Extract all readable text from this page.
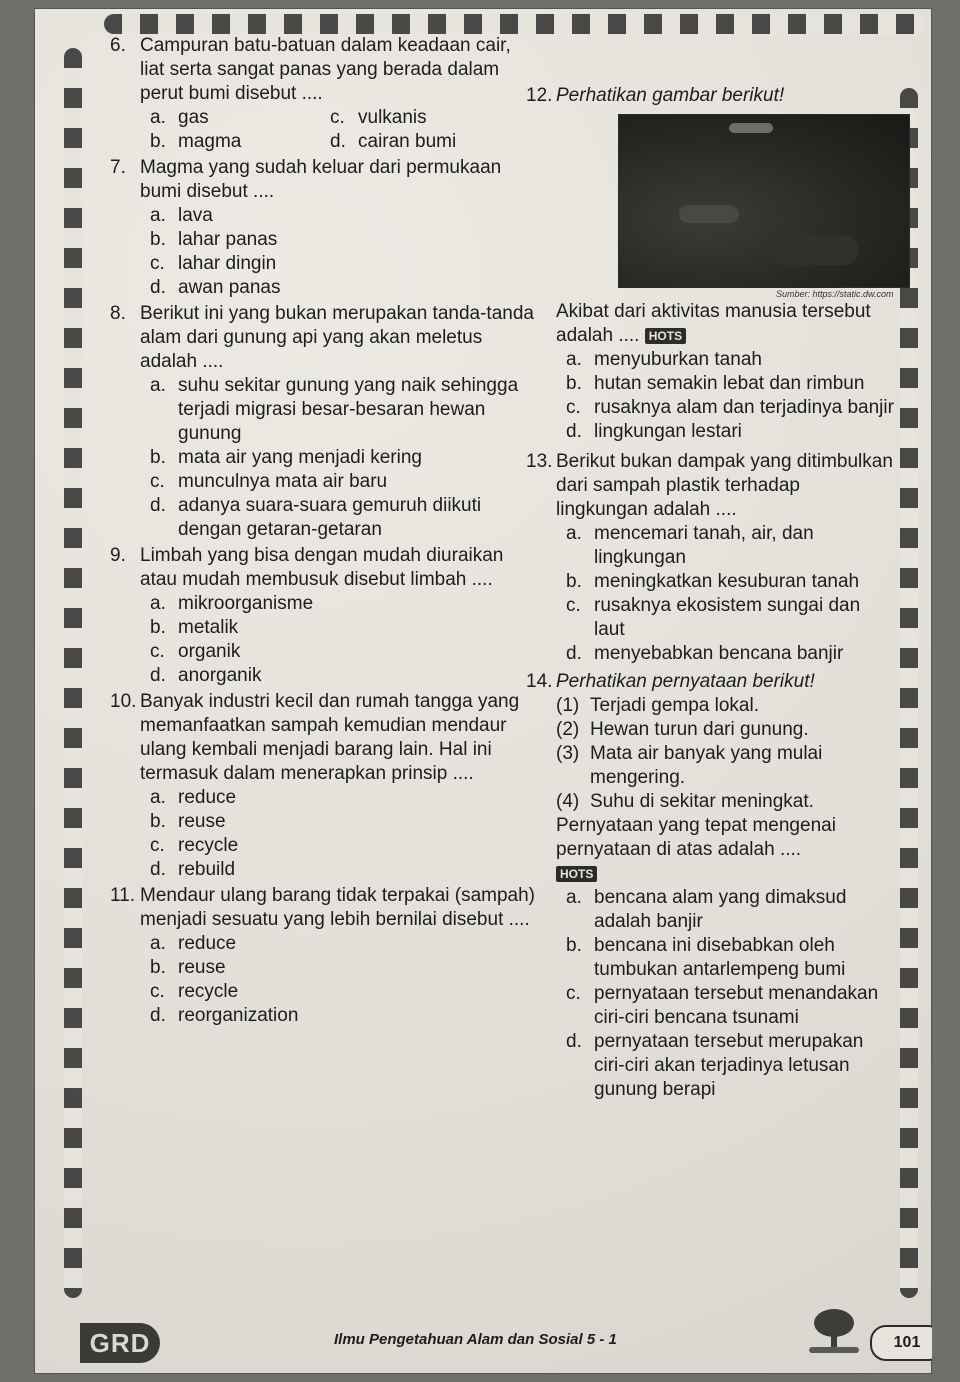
6. Campuran batu-batuan dalam keadaan cair, liat serta sangat panas yang berada dalam perut bumi disebut ....
a. gas	c. vulkanis
b. magma	d. cairan bumi
7. Magma yang sudah keluar dari permukaan bumi disebut ....
a. lava
b. lahar panas
c. lahar dingin
d. awan panas
8. Berikut ini yang bukan merupakan tanda-tanda alam dari gunung api yang akan meletus adalah ....
a. suhu sekitar gunung yang naik sehingga terjadi migrasi besar-besaran hewan gunung
b. mata air yang menjadi kering
c. munculnya mata air baru
d. adanya suara-suara gemuruh diikuti dengan getaran-getaran
9. Limbah yang bisa dengan mudah diuraikan atau mudah membusuk disebut limbah ....
a. mikroorganisme
b. metalik
c. organik
d. anorganik
10. Banyak industri kecil dan rumah tangga yang memanfaatkan sampah kemudian mendaur ulang kembali menjadi barang lain. Hal ini termasuk dalam menerapkan prinsip ....
a. reduce
b. reuse
c. recycle
d. rebuild
11. Mendaur ulang barang tidak terpakai (sampah) menjadi sesuatu yang lebih bernilai disebut ....
a. reduce
b. reuse
c. recycle
d. reorganization
12. Perhatikan gambar berikut!
Sumber: https://static.dw.com
Akibat dari aktivitas manusia tersebut adalah .... HOTS
a. menyuburkan tanah
b. hutan semakin lebat dan rimbun
c. rusaknya alam dan terjadinya banjir
d. lingkungan lestari
13. Berikut bukan dampak yang ditimbulkan dari sampah plastik terhadap lingkungan adalah ....
a. mencemari tanah, air, dan lingkungan
b. meningkatkan kesuburan tanah
c. rusaknya ekosistem sungai dan laut
d. menyebabkan bencana banjir
14. Perhatikan pernyataan berikut!
(1) Terjadi gempa lokal.
(2) Hewan turun dari gunung.
(3) Mata air banyak yang mulai mengering.
(4) Suhu di sekitar meningkat.
Pernyataan yang tepat mengenai pernyataan di atas adalah ....
HOTS
a. bencana alam yang dimaksud adalah banjir
b. bencana ini disebabkan oleh tumbukan antarlempeng bumi
c. pernyataan tersebut menandakan ciri-ciri bencana tsunami
d. pernyataan tersebut merupakan ciri-ciri akan terjadinya letusan gunung berapi
GRD	Ilmu Pengetahuan Alam dan Sosial 5 - 1	101
